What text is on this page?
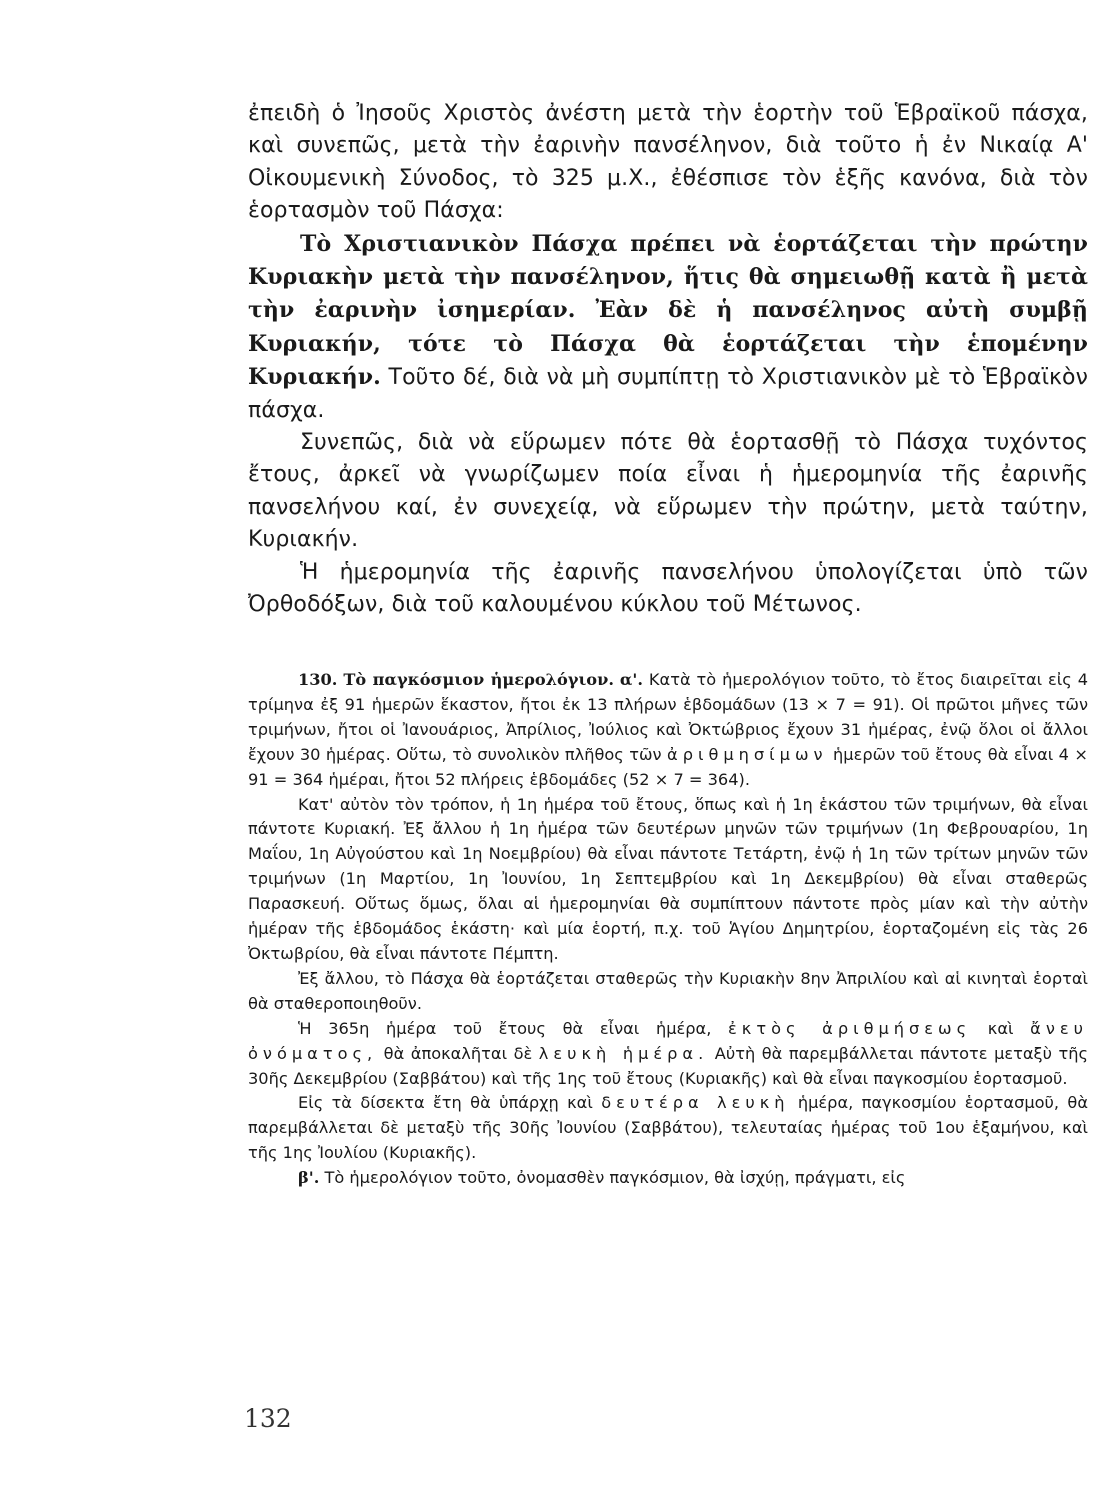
ἐπειδὴ ὁ Ἰησοῦς Χριστὸς ἀνέστη μετὰ τὴν ἑορτὴν τοῦ Ἑβραϊκοῦ πάσχα, καὶ συνεπῶς, μετὰ τὴν ἐαρινὴν πανσέληνον, διὰ τοῦτο ἡ ἐν Νικαίᾳ Α' Οἰκουμενικὴ Σύνοδος, τὸ 325 μ.Χ., ἐθέσπισε τὸν ἑξῆς κανόνα, διὰ τὸν ἑορτασμὸν τοῦ Πάσχα:

Τὸ Χριστιανικὸν Πάσχα πρέπει νὰ ἑορτάζεται τὴν πρώτην Κυριακὴν μετὰ τὴν πανσέληνον, ἥτις θὰ σημειωθῇ κατὰ ἢ μετὰ τὴν ἐαρινὴν ἰσημερίαν. Ἐὰν δὲ ἡ πανσέληνος αὐτὴ συμβῇ Κυριακήν, τότε τὸ Πάσχα θὰ ἑορτάζεται τὴν ἑπομένην Κυριακήν. Τοῦτο δέ, διὰ νὰ μὴ συμπίπτῃ τὸ Χριστιανικὸν μὲ τὸ Ἑβραϊκὸν πάσχα.

Συνεπῶς, διὰ νὰ εὕρωμεν πότε θὰ ἑορτασθῇ τὸ Πάσχα τυχόντος ἔτους, ἀρκεῖ νὰ γνωρίζωμεν ποία εἶναι ἡ ἡμερομηνία τῆς ἐαρινῆς πανσελήνου καί, ἐν συνεχείᾳ, νὰ εὕρωμεν τὴν πρώτην, μετὰ ταύτην, Κυριακήν.

Ἡ ἡμερομηνία τῆς ἐαρινῆς πανσελήνου ὑπολογίζεται ὑπὸ τῶν Ὀρθοδόξων, διὰ τοῦ καλουμένου κύκλου τοῦ Μέτωνος.

130. Τὸ παγκόσμιον ἡμερολόγιον. α'. Κατὰ τὸ ἡμερολόγιον τοῦτο, τὸ ἔτος διαιρεῖται εἰς 4 τρίμηνα ἐξ 91 ἡμερῶν ἕκαστον, ἤτοι ἐκ 13 πλήρων ἑβδομάδων (13 × 7 = 91). Οἱ πρῶτοι μῆνες τῶν τριμήνων, ἤτοι οἱ Ἰανουάριος, Ἀπρίλιος, Ἰούλιος καὶ Ὀκτώβριος ἔχουν 31 ἡμέρας, ἐνῷ ὅλοι οἱ ἄλλοι ἔχουν 30 ἡμέρας. Οὕτω, τὸ συνολικὸν πλῆθος τῶν ἀριθμησίμων ἡμερῶν τοῦ ἔτους θὰ εἶναι 4 × 91 = 364 ἡμέραι, ἤτοι 52 πλήρεις ἑβδομάδες (52 × 7 = 364).

Κατ' αὐτὸν τὸν τρόπον, ἡ 1η ἡμέρα τοῦ ἔτους, ὅπως καὶ ἡ 1η ἑκάστου τῶν τριμήνων, θὰ εἶναι πάντοτε Κυριακή. Ἐξ ἄλλου ἡ 1η ἡμέρα τῶν δευτέρων μηνῶν τῶν τριμήνων (1η Φεβρουαρίου, 1η Μαΐου, 1η Αὐγούστου καὶ 1η Νοεμβρίου) θὰ εἶναι πάντοτε Τετάρτη, ἐνῷ ἡ 1η τῶν τρίτων μηνῶν τῶν τριμήνων (1η Μαρτίου, 1η Ἰουνίου, 1η Σεπτεμβρίου καὶ 1η Δεκεμβρίου) θὰ εἶναι σταθερῶς Παρασκευή. Οὕτως ὅμως, ὅλαι αἱ ἡμερομηνίαι θὰ συμπίπτουν πάντοτε πρὸς μίαν καὶ τὴν αὐτὴν ἡμέραν τῆς ἑβδομάδος ἑκάστη· καὶ μία ἑορτή, π.χ. τοῦ Ἁγίου Δημητρίου, ἑορταζομένη εἰς τὰς 26 Ὀκτωβρίου, θὰ εἶναι πάντοτε Πέμπτη.

Ἐξ ἄλλου, τὸ Πάσχα θὰ ἑορτάζεται σταθερῶς τὴν Κυριακὴν 8ην Ἀπριλίου καὶ αἱ κινηταὶ ἑορταὶ θὰ σταθεροποιηθοῦν.

Ἡ 365η ἡμέρα τοῦ ἔτους θὰ εἶναι ἡμέρα, ἐκτὸς ἀριθμήσεως καὶ ἄνευ ὀνόματος, θὰ ἀποκαλῆται δὲ λευκὴ ἡμέρα. Αὐτὴ θὰ παρεμβάλλεται πάντοτε μεταξὺ τῆς 30ῆς Δεκεμβρίου (Σαββάτου) καὶ τῆς 1ης τοῦ ἔτους (Κυριακῆς) καὶ θὰ εἶναι παγκοσμίου ἑορτασμοῦ.

Εἰς τὰ δίσεκτα ἔτη θὰ ὑπάρχῃ καὶ δευτέρα λευκὴ ἡμέρα, παγκοσμίου ἑορτασμοῦ, θὰ παρεμβάλλεται δὲ μεταξὺ τῆς 30ῆς Ἰουνίου (Σαββάτου), τελευταίας ἡμέρας τοῦ 1ου ἑξαμήνου, καὶ τῆς 1ης Ἰουλίου (Κυριακῆς).

β'. Τὸ ἡμερολόγιον τοῦτο, ὀνομασθὲν παγκόσμιον, θὰ ἰσχύῃ, πράγματι, εἰς

132
